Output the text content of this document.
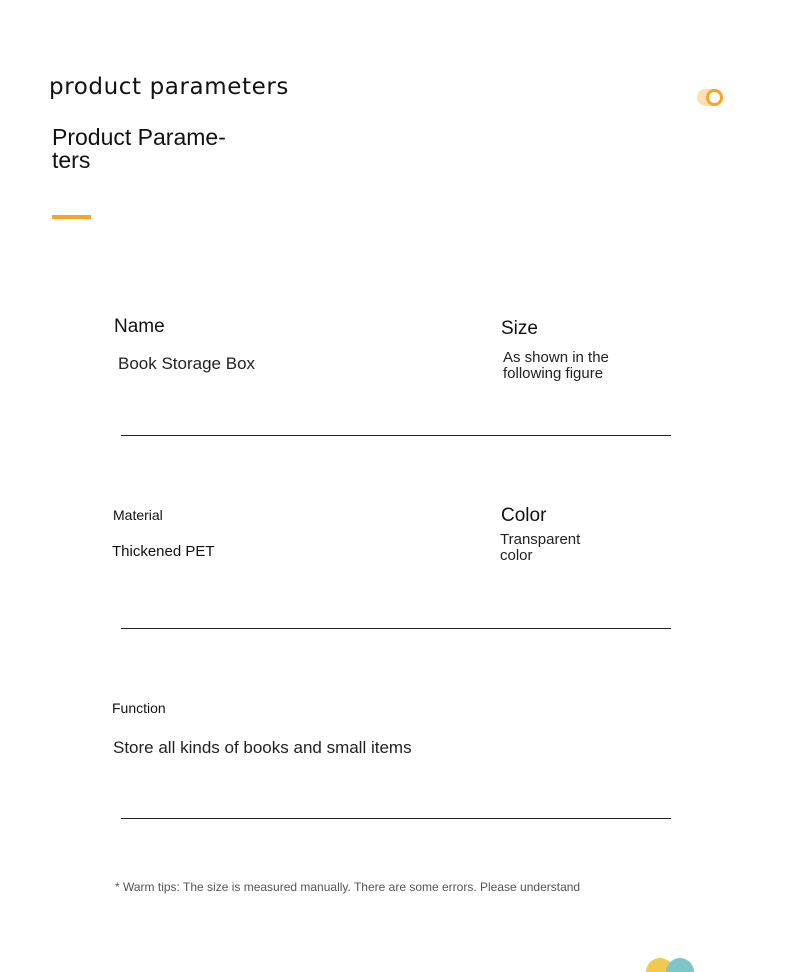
product parameters
Product Parame-ters
Name
Book Storage Box
Size
As shown in the following figure
Material
Thickened PET
Color
Transparent color
Function
Store all kinds of books and small items
* Warm tips: The size is measured manually. There are some errors. Please understand
